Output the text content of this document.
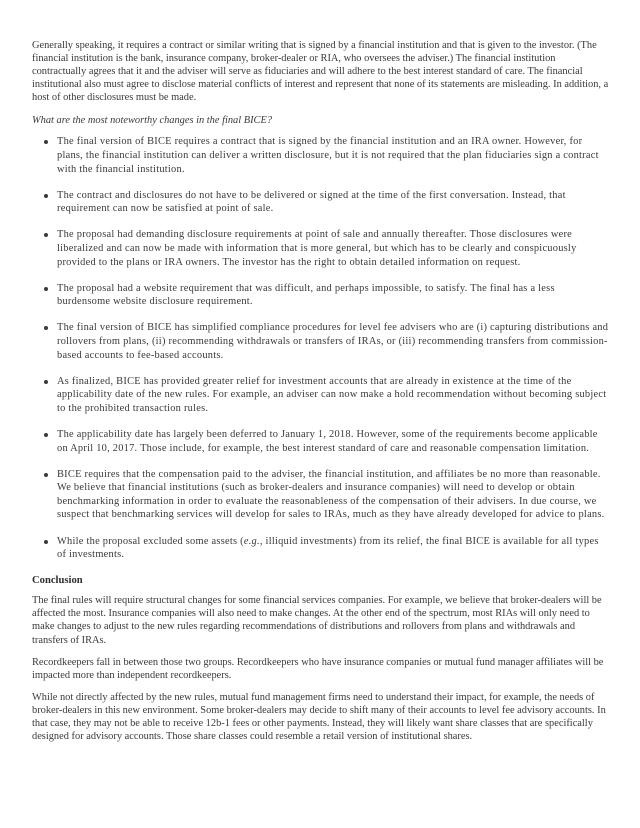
Generally speaking, it requires a contract or similar writing that is signed by a financial institution and that is given to the investor. (The financial institution is the bank, insurance company, broker-dealer or RIA, who oversees the adviser.) The financial institution contractually agrees that it and the adviser will serve as fiduciaries and will adhere to the best interest standard of care. The financial institutional also must agree to disclose material conflicts of interest and represent that none of its statements are misleading. In addition, a host of other disclosures must be made.

What are the most noteworthy changes in the final BICE?

The final version of BICE requires a contract that is signed by the financial institution and an IRA owner. However, for plans, the financial institution can deliver a written disclosure, but it is not required that the plan fiduciaries sign a contract with the financial institution.
The contract and disclosures do not have to be delivered or signed at the time of the first conversation. Instead, that requirement can now be satisfied at point of sale.
The proposal had demanding disclosure requirements at point of sale and annually thereafter. Those disclosures were liberalized and can now be made with information that is more general, but which has to be clearly and conspicuously provided to the plans or IRA owners. The investor has the right to obtain detailed information on request.
The proposal had a website requirement that was difficult, and perhaps impossible, to satisfy. The final has a less burdensome website disclosure requirement.
The final version of BICE has simplified compliance procedures for level fee advisers who are (i) capturing distributions and rollovers from plans, (ii) recommending withdrawals or transfers of IRAs, or (iii) recommending transfers from commission-based accounts to fee-based accounts.
As finalized, BICE has provided greater relief for investment accounts that are already in existence at the time of the applicability date of the new rules. For example, an adviser can now make a hold recommendation without becoming subject to the prohibited transaction rules.
The applicability date has largely been deferred to January 1, 2018. However, some of the requirements become applicable on April 10, 2017. Those include, for example, the best interest standard of care and reasonable compensation limitation.
BICE requires that the compensation paid to the adviser, the financial institution, and affiliates be no more than reasonable. We believe that financial institutions (such as broker-dealers and insurance companies) will need to develop or obtain benchmarking information in order to evaluate the reasonableness of the compensation of their advisers. In due course, we suspect that benchmarking services will develop for sales to IRAs, much as they have already developed for advice to plans.
While the proposal excluded some assets (e.g., illiquid investments) from its relief, the final BICE is available for all types of investments.
Conclusion

The final rules will require structural changes for some financial services companies. For example, we believe that broker-dealers will be affected the most. Insurance companies will also need to make changes. At the other end of the spectrum, most RIAs will only need to make changes to adjust to the new rules regarding recommendations of distributions and rollovers from plans and withdrawals and transfers of IRAs.

Recordkeepers fall in between those two groups. Recordkeepers who have insurance companies or mutual fund manager affiliates will be impacted more than independent recordkeepers.

While not directly affected by the new rules, mutual fund management firms need to understand their impact, for example, the needs of broker-dealers in this new environment. Some broker-dealers may decide to shift many of their accounts to level fee advisory accounts. In that case, they may not be able to receive 12b-1 fees or other payments. Instead, they will likely want share classes that are specifically designed for advisory accounts. Those share classes could resemble a retail version of institutional shares.
